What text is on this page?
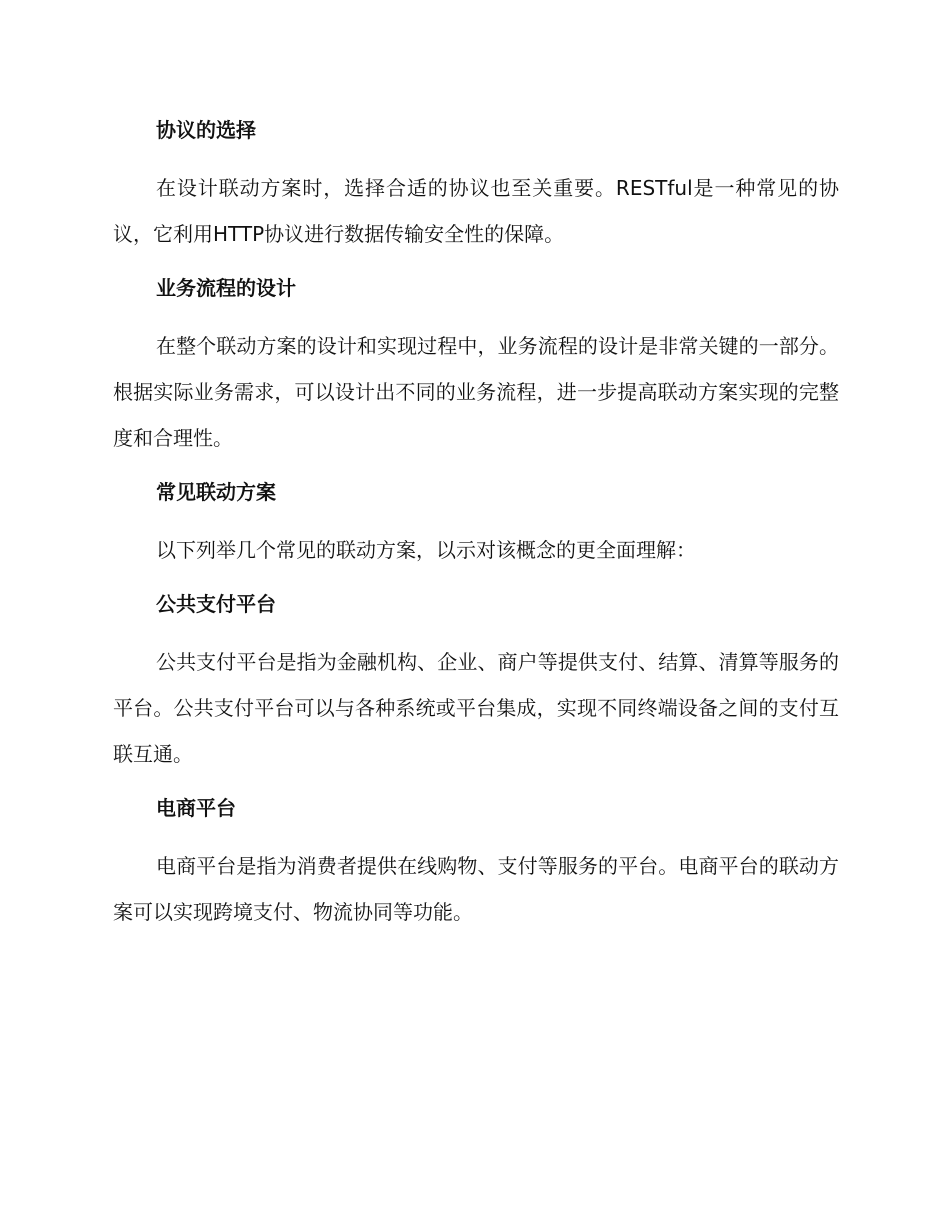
协议的选择

在设计联动方案时，选择合适的协议也至关重要。RESTful是一种常见的协议，它利用HTTP协议进行数据传输安全性的保障。

业务流程的设计

在整个联动方案的设计和实现过程中，业务流程的设计是非常关键的一部分。根据实际业务需求，可以设计出不同的业务流程，进一步提高联动方案实现的完整度和合理性。

常见联动方案

以下列举几个常见的联动方案，以示对该概念的更全面理解：

公共支付平台

公共支付平台是指为金融机构、企业、商户等提供支付、结算、清算等服务的平台。公共支付平台可以与各种系统或平台集成，实现不同终端设备之间的支付互联互通。

电商平台

电商平台是指为消费者提供在线购物、支付等服务的平台。电商平台的联动方案可以实现跨境支付、物流协同等功能。
